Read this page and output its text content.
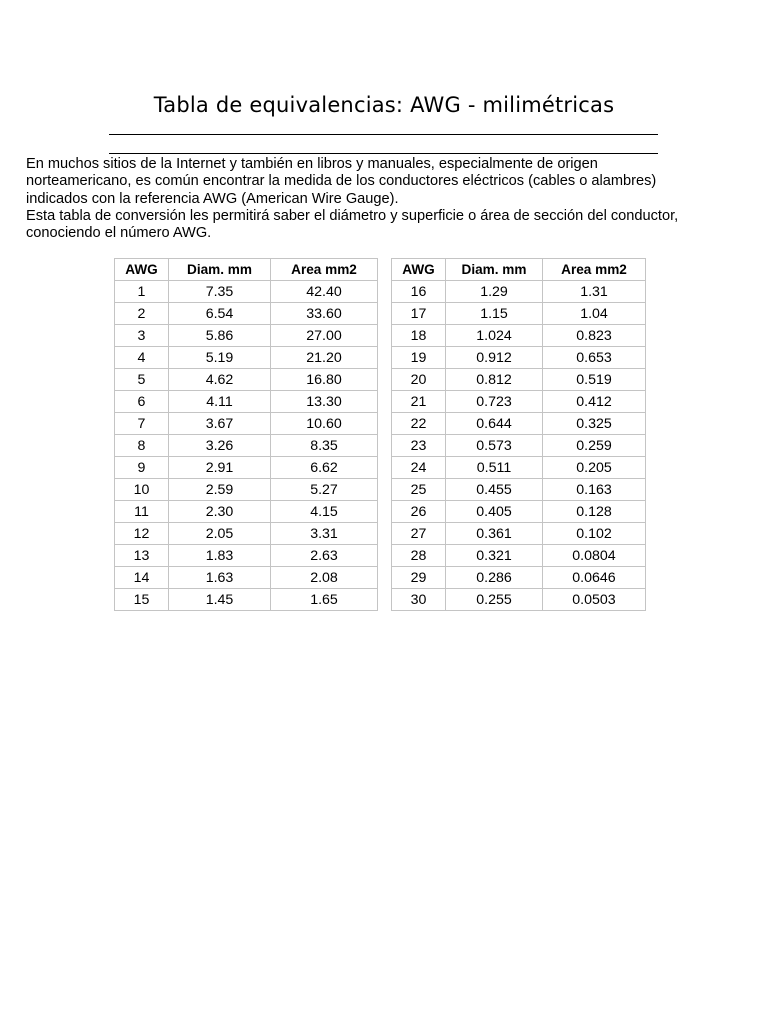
Tabla de equivalencias: AWG - milimétricas

En muchos sitios de la Internet y también en libros y manuales, especialmente de origen

norteamericano, es común encontrar la medida de los conductores eléctricos (cables o alambres)

indicados con la referencia AWG (American Wire Gauge).

Esta tabla de conversión les permitirá saber el diámetro y superficie o área de sección del conductor,

conociendo el número AWG.

AWG	Diam. mm	Area mm2
1	7.35	42.40
2	6.54	33.60
3	5.86	27.00
4	5.19	21.20
5	4.62	16.80
6	4.11	13.30
7	3.67	10.60
8	3.26	8.35
9	2.91	6.62
10	2.59	5.27
11	2.30	4.15
12	2.05	3.31
13	1.83	2.63
14	1.63	2.08
15	1.45	1.65
AWG	Diam. mm	Area mm2
16	1.29	1.31
17	1.15	1.04
18	1.024	0.823
19	0.912	0.653
20	0.812	0.519
21	0.723	0.412
22	0.644	0.325
23	0.573	0.259
24	0.511	0.205
25	0.455	0.163
26	0.405	0.128
27	0.361	0.102
28	0.321	0.0804
29	0.286	0.0646
30	0.255	0.0503
